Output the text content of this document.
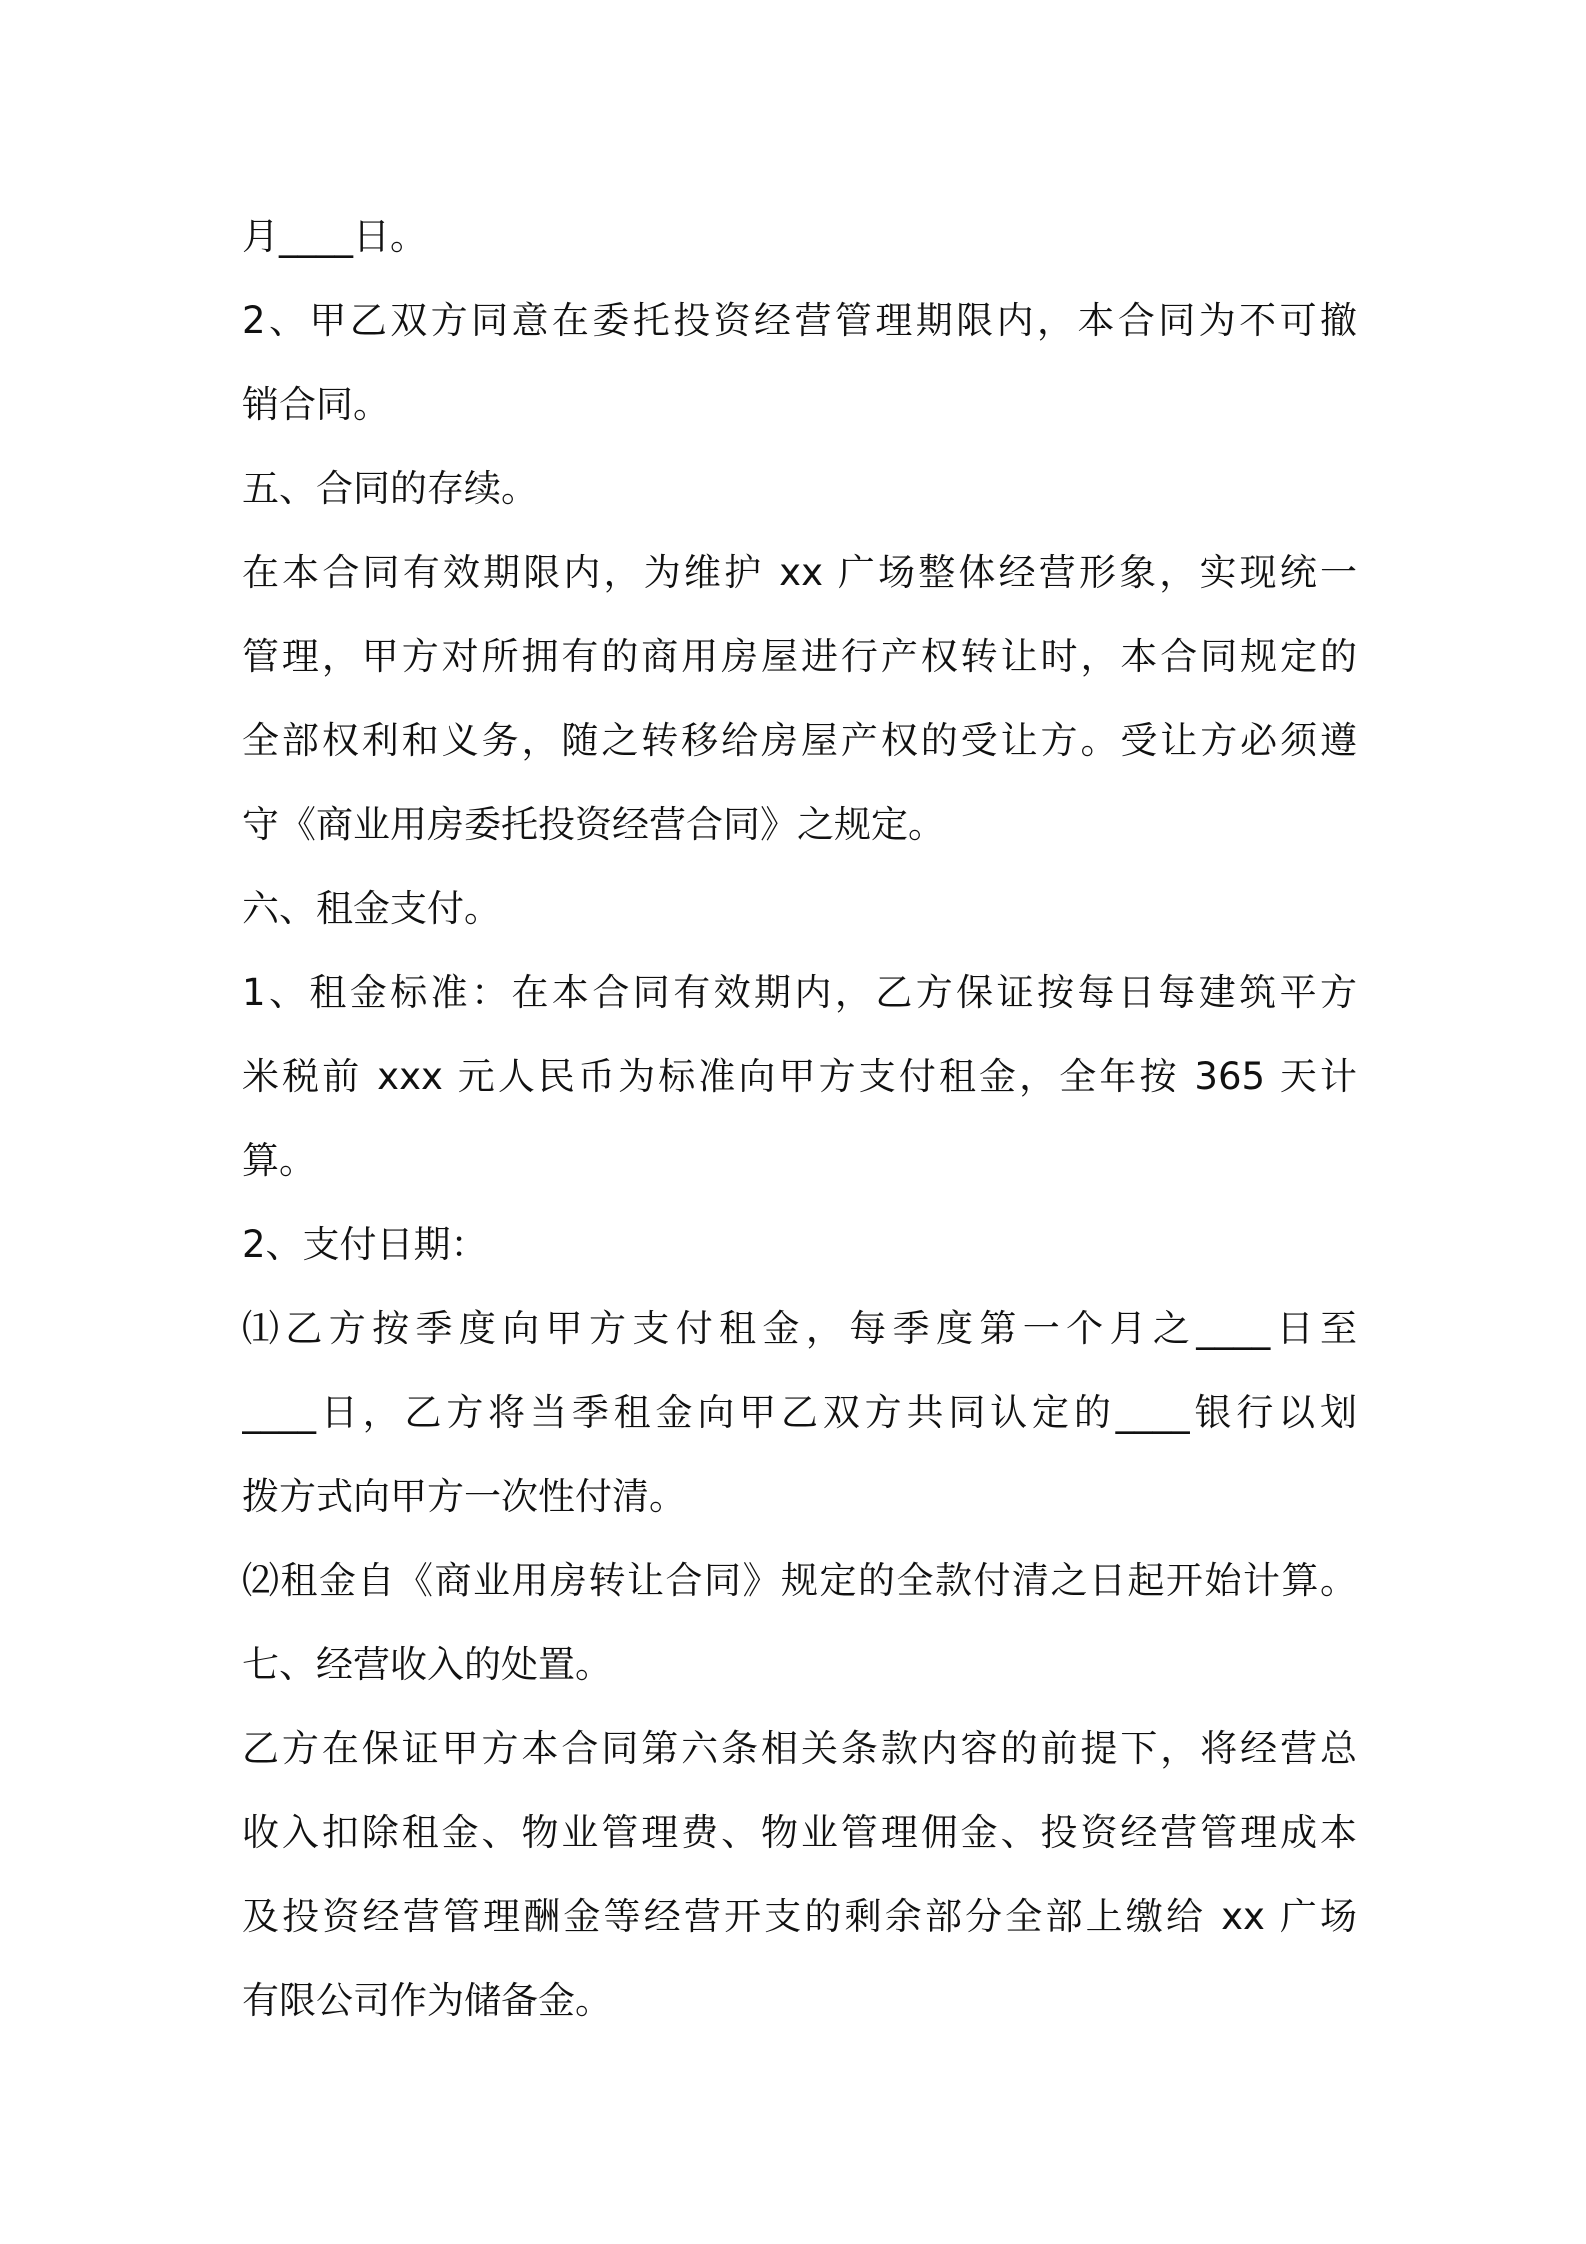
月____日。
2、甲乙双方同意在委托投资经营管理期限内，本合同为不可撤
销合同。
五、合同的存续。
在本合同有效期限内，为维护 xx 广场整体经营形象，实现统一
管理，甲方对所拥有的商用房屋进行产权转让时，本合同规定的
全部权利和义务，随之转移给房屋产权的受让方。受让方必须遵
守《商业用房委托投资经营合同》之规定。
六、租金支付。
1、租金标准：在本合同有效期内，乙方保证按每日每建筑平方
米税前 xxx 元人民币为标准向甲方支付租金，全年按 365 天计
算。
2、支付日期：
⑴乙方按季度向甲方支付租金，每季度第一个月之____日至
____日，乙方将当季租金向甲乙双方共同认定的____银行以划
拨方式向甲方一次性付清。
⑵租金自《商业用房转让合同》规定的全款付清之日起开始计算。
七、经营收入的处置。
乙方在保证甲方本合同第六条相关条款内容的前提下，将经营总
收入扣除租金、物业管理费、物业管理佣金、投资经营管理成本
及投资经营管理酬金等经营开支的剩余部分全部上缴给 xx 广场
有限公司作为储备金。
